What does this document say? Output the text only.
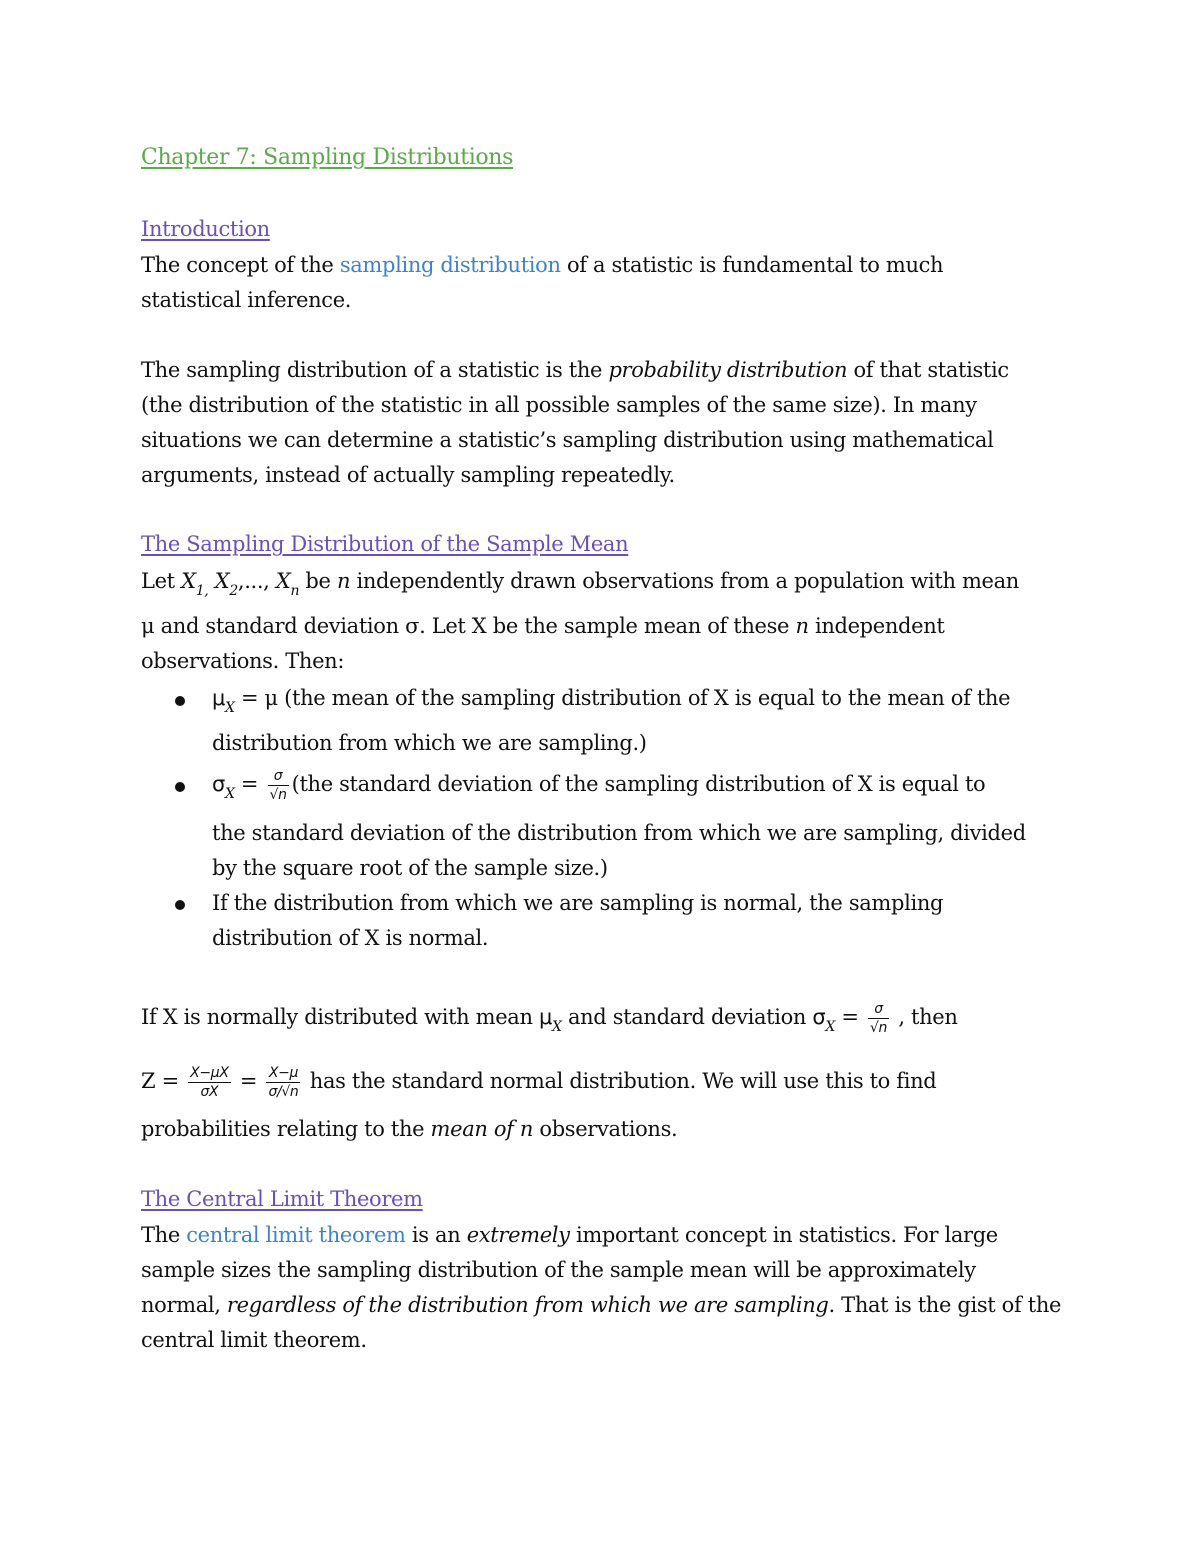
Chapter 7: Sampling Distributions
Introduction
The concept of the sampling distribution of a statistic is fundamental to much
statistical inference.
The sampling distribution of a statistic is the probability distribution of that statistic
(the distribution of the statistic in all possible samples of the same size). In many
situations we can determine a statistic’s sampling distribution using mathematical
arguments, instead of actually sampling repeatedly.
The Sampling Distribution of the Sample Mean
Let $X_{1,}$ $X_2$,..., $X_n$ be n independently drawn observations from a population with mean
μ and standard deviation σ. Let X be the sample mean of these n independent
observations. Then:
$\mu_X = \mu$ (the mean of the sampling distribution of X is equal to the mean of the
distribution from which we are sampling.)
$\sigma_X = \frac{\sigma}{√n} (the$ standard deviation of the sampling distribution of X is equal to
the standard deviation of the distribution from which we are sampling, divided
by the square root of the sample size.)
If the distribution from which we are sampling is normal, the sampling
distribution of X is normal.
If X is normally distributed with mean $\mu_X$ and standard deviation $\sigma_X = \frac{\sigma}{√n}$ , then
$Z = \frac{X-\mu X}{\sigma X} = \frac{X-\mu}{\sigma/√n}$ has the standard normal distribution. We will use this to find
probabilities relating to the mean of n observations.
The Central Limit Theorem
The central limit theorem is an extremely important concept in statistics. For large
sample sizes the sampling distribution of the sample mean will be approximately
normal, regardless of the distribution from which we are sampling. That is the gist of the
central limit theorem.
